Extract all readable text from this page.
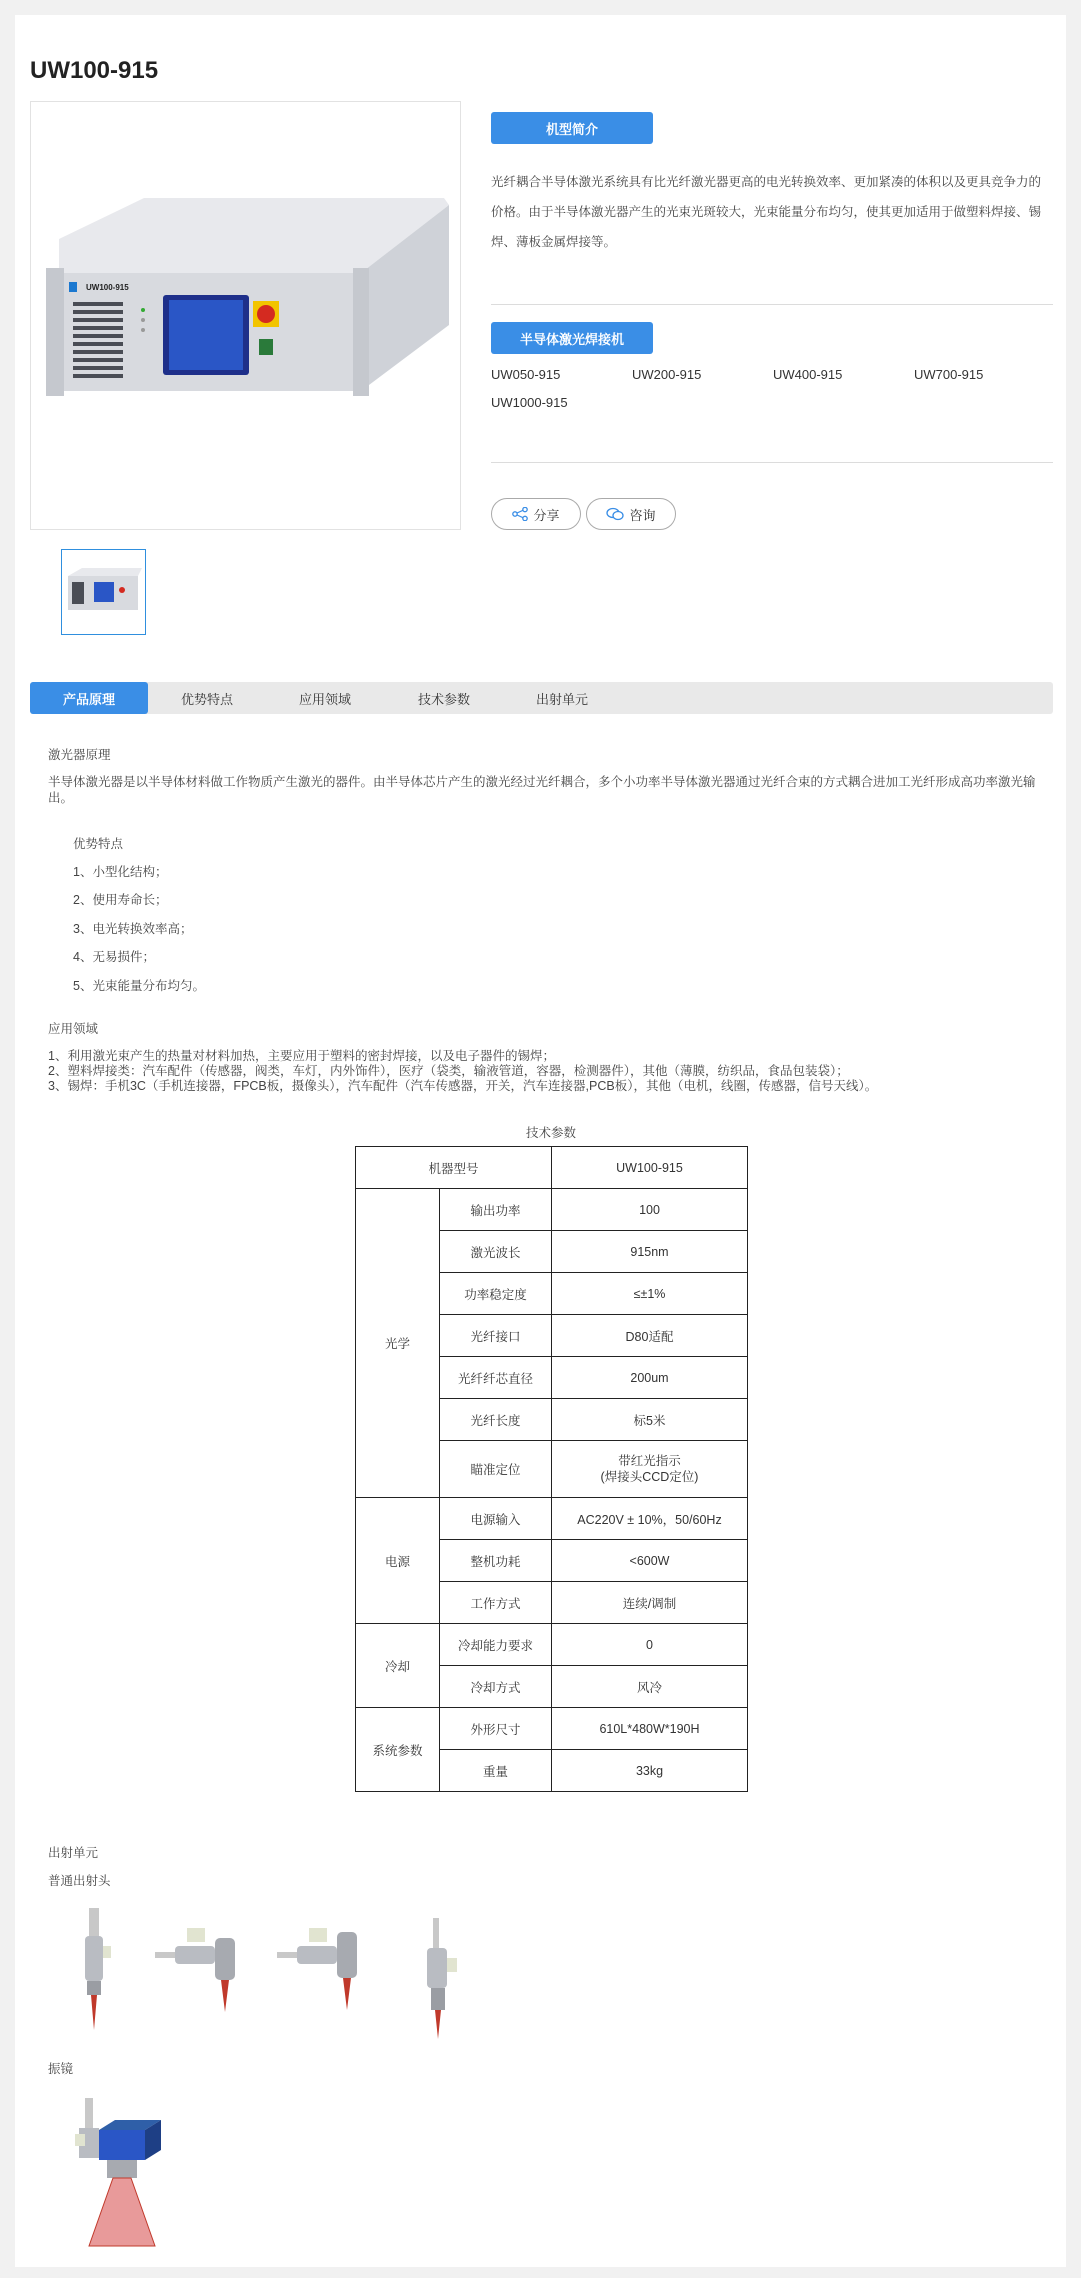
UW100-915
UW100-915
机型简介

光纤耦合半导体激光系统具有比光纤激光器更高的电光转换效率、更加紧凑的体积以及更具竞争力的价格。由于半导体激光器产生的光束光斑较大，光束能量分布均匀，使其更加适用于做塑料焊接、锡焊、薄板金属焊接等。

半导体激光焊接机
UW050-915	UW200-915	UW400-915	UW700-915
UW1000-915
分享	咨询
产品原理	优势特点	应用领域	技术参数	出射单元
激光器原理
半导体激光器是以半导体材料做工作物质产生激光的器件。由半导体芯片产生的激光经过光纤耦合，多个小功率半导体激光器通过光纤合束的方式耦合进加工光纤形成高功率激光输出。
优势特点
1、小型化结构；
2、使用寿命长；
3、电光转换效率高；
4、无易损件；
5、光束能量分布均匀。
应用领域
1、利用激光束产生的热量对材料加热，主要应用于塑料的密封焊接，以及电子器件的锡焊；
2、塑料焊接类：汽车配件（传感器，阀类，车灯，内外饰件），医疗（袋类，输液管道，容器，检测器件），其他（薄膜，纺织品，食品包装袋）；
3、锡焊：手机3C（手机连接器，FPCB板，摄像头），汽车配件（汽车传感器，开关，汽车连接器,PCB板），其他（电机，线圈，传感器，信号天线）。
技术参数
机器型号		UW100-915
光学	输出功率	100
	激光波长	915nm
	功率稳定度	≤±1%
	光纤接口	D80适配
	光纤纤芯直径	200um
	光纤长度	标5米
	瞄准定位	带红光指示
(焊接头CCD定位)

电源	电源输入	AC220V ± 10%，50/60Hz
	整机功耗	<600W
	工作方式	连续/调制
冷却	冷却能力要求	0
	冷却方式	风冷
系统参数	外形尺寸	610L*480W*190H
	重量	33kg
出射单元
普通出射头
振镜
